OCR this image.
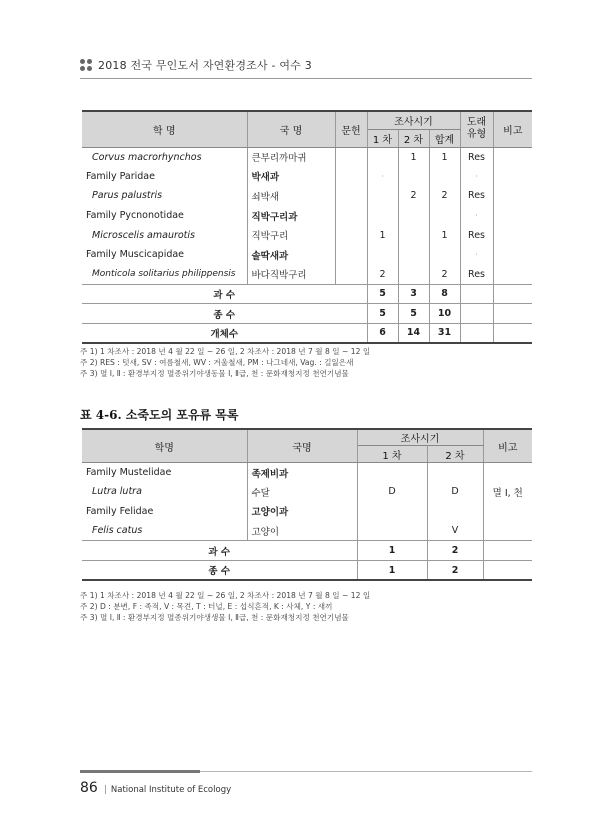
2018 전국 무인도서 자연환경조사 - 여수 3
학 명	국 명	문헌	조사시기			도래 유형	비고
			1 차	2 차	합계		
Corvus macrorhynchos	큰부리까마귀			1	1	Res	
Family Paridae	박새과		·			·	
Parus palustris	쇠박새			2	2	Res	
Family Pycnonotidae	직박구리과					·	
Microscelis amaurotis	직박구리		1		1	Res	
Family Muscicapidae	솔딱새과					·	
Monticola solitarius philippensis	바다직박구리		2		2	Res	
과 수			5	3	8		
종 수			5	5	10		
개체수			6	14	31		
주 1) 1 차조사 : 2018 년 4 월 22 일 ~ 26 일, 2 차조사 : 2018 년 7 월 8 일 ~ 12 일
주 2) RES : 텃새, SV : 여름철새, WV : 겨울철새, PM : 나그네새, Vag. : 길잃은새
주 3) 멸 Ⅰ, Ⅱ : 환경부지정 멸종위기야생동물 Ⅰ, Ⅱ급, 천 : 문화재청지정 천연기념물
표 4-6. 소죽도의 포유류 목록
학명	국명	조사시기		비고
		1 차	2 차	
Family Mustelidae	족제비과			
Lutra lutra	수달	D	D	멸 Ⅰ, 천
Family Felidae	고양이과			
Felis catus	고양이		V	
과 수		1	2	
종 수		1	2	
주 1) 1 차조사 : 2018 년 4 월 22 일 ~ 26 일, 2 차조사 : 2018 년 7 월 8 일 ~ 12 일
주 2) D : 분변, F : 족적, V : 목견, T : 터널, E : 섭식흔적, K : 사체, Y : 새끼
주 3) 멸 Ⅰ, Ⅱ : 환경부지정 멸종위기야생생물 Ⅰ, Ⅱ급, 천 : 문화재청지정 천연기념물
86 | National Institute of Ecology
